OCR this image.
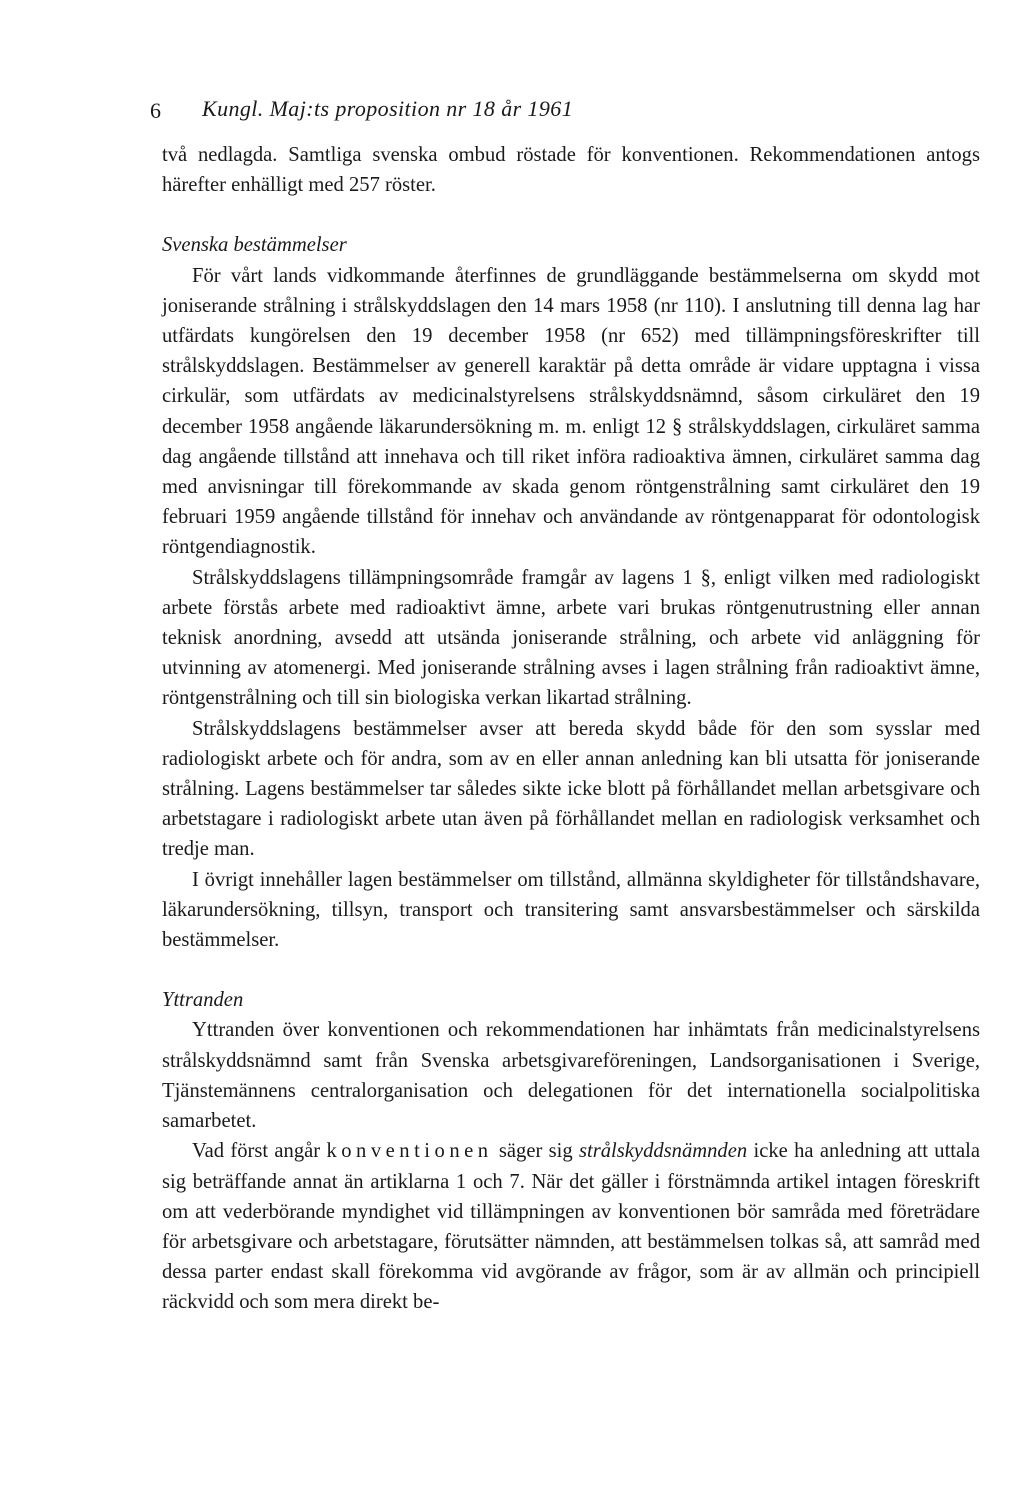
6 Kungl. Maj:ts proposition nr 18 år 1961

två nedlagda. Samtliga svenska ombud röstade för konventionen. Rekommendationen antogs härefter enhälligt med 257 röster.

Svenska bestämmelser

För vårt lands vidkommande återfinnes de grundläggande bestämmelserna om skydd mot joniserande strålning i strålskyddslagen den 14 mars 1958 (nr 110). I anslutning till denna lag har utfärdats kungörelsen den 19 december 1958 (nr 652) med tillämpningsföreskrifter till strålskyddslagen. Bestämmelser av generell karaktär på detta område är vidare upptagna i vissa cirkulär, som utfärdats av medicinalstyrelsens strålskyddsnämnd, såsom cirkuläret den 19 december 1958 angående läkarundersökning m. m. enligt 12 § strålskyddslagen, cirkuläret samma dag angående tillstånd att innehava och till riket införa radioaktiva ämnen, cirkuläret samma dag med anvisningar till förekommande av skada genom röntgenstrålning samt cirkuläret den 19 februari 1959 angående tillstånd för innehav och användande av röntgenapparat för odontologisk röntgendiagnostik.

Strålskyddslagens tillämpningsområde framgår av lagens 1 §, enligt vilken med radiologiskt arbete förstås arbete med radioaktivt ämne, arbete vari brukas röntgenutrustning eller annan teknisk anordning, avsedd att utsända joniserande strålning, och arbete vid anläggning för utvinning av atomenergi. Med joniserande strålning avses i lagen strålning från radioaktivt ämne, röntgenstrålning och till sin biologiska verkan likartad strålning.

Strålskyddslagens bestämmelser avser att bereda skydd både för den som sysslar med radiologiskt arbete och för andra, som av en eller annan anledning kan bli utsatta för joniserande strålning. Lagens bestämmelser tar således sikte icke blott på förhållandet mellan arbetsgivare och arbetstagare i radiologiskt arbete utan även på förhållandet mellan en radiologisk verksamhet och tredje man.

I övrigt innehåller lagen bestämmelser om tillstånd, allmänna skyldigheter för tillståndshavare, läkarundersökning, tillsyn, transport och transitering samt ansvarsbestämmelser och särskilda bestämmelser.

Yttranden

Yttranden över konventionen och rekommendationen har inhämtats från medicinalstyrelsens strålskyddsnämnd samt från Svenska arbetsgivareföreningen, Landsorganisationen i Sverige, Tjänstemännens centralorganisation och delegationen för det internationella socialpolitiska samarbetet.

Vad först angår konventionen säger sig strålskyddsnämnden icke ha anledning att uttala sig beträffande annat än artiklarna 1 och 7. När det gäller i förstnämnda artikel intagen föreskrift om att vederbörande myndighet vid tillämpningen av konventionen bör samråda med företrädare för arbetsgivare och arbetstagare, förutsätter nämnden, att bestämmelsen tolkas så, att samråd med dessa parter endast skall förekomma vid avgörande av frågor, som är av allmän och principiell räckvidd och som mera direkt be-
